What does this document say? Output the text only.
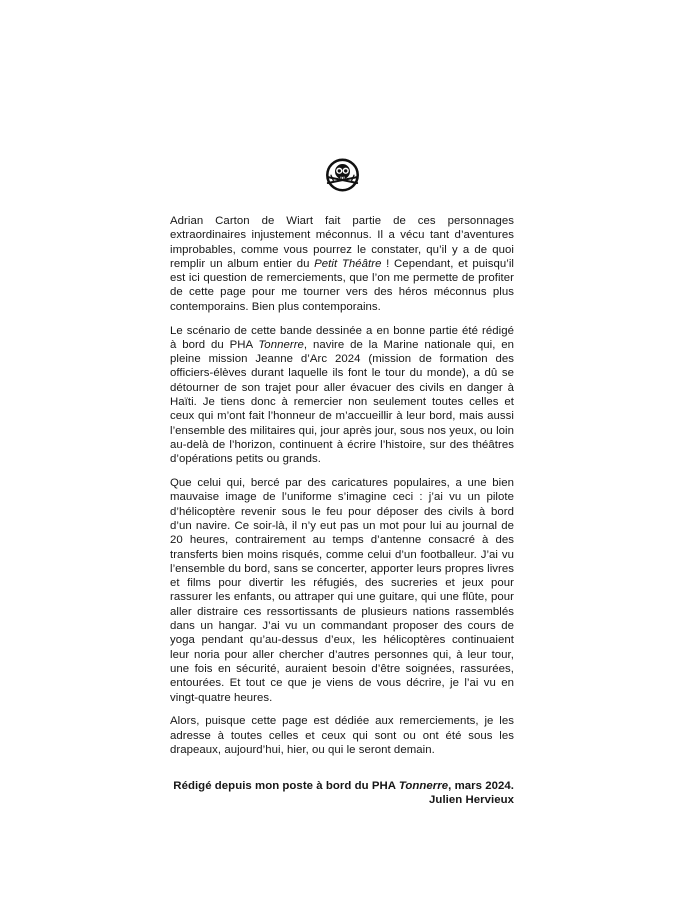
Adrian Carton de Wiart fait partie de ces personnages extraordinaires injustement méconnus. Il a vécu tant d’aventures improbables, comme vous pourrez le constater, qu’il y a de quoi remplir un album entier du Petit Théâtre ! Cependant, et puisqu’il est ici question de remerciements, que l’on me permette de profiter de cette page pour me tourner vers des héros méconnus plus contemporains. Bien plus contemporains.

Le scénario de cette bande dessinée a en bonne partie été rédigé à bord du PHA Tonnerre, navire de la Marine nationale qui, en pleine mission Jeanne d’Arc 2024 (mission de formation des officiers-élèves durant laquelle ils font le tour du monde), a dû se détourner de son trajet pour aller évacuer des civils en danger à Haïti. Je tiens donc à remercier non seulement toutes celles et ceux qui m’ont fait l’honneur de m’accueillir à leur bord, mais aussi l’ensemble des militaires qui, jour après jour, sous nos yeux, ou loin au-delà de l’horizon, continuent à écrire l’histoire, sur des théâtres d’opérations petits ou grands.

Que celui qui, bercé par des caricatures populaires, a une bien mauvaise image de l’uniforme s’imagine ceci : j’ai vu un pilote d’hélicoptère revenir sous le feu pour déposer des civils à bord d’un navire. Ce soir-là, il n’y eut pas un mot pour lui au journal de 20 heures, contrairement au temps d’antenne consacré à des transferts bien moins risqués, comme celui d’un footballeur. J’ai vu l’ensemble du bord, sans se concerter, apporter leurs propres livres et films pour divertir les réfugiés, des sucreries et jeux pour rassurer les enfants, ou attraper qui une guitare, qui une flûte, pour aller distraire ces ressortissants de plusieurs nations rassemblés dans un hangar. J’ai vu un commandant proposer des cours de yoga pendant qu’au-dessus d’eux, les hélicoptères continuaient leur noria pour aller chercher d’autres personnes qui, à leur tour, une fois en sécurité, auraient besoin d’être soignées, rassurées, entourées. Et tout ce que je viens de vous décrire, je l’ai vu en vingt-quatre heures.

Alors, puisque cette page est dédiée aux remerciements, je les adresse à toutes celles et ceux qui sont ou ont été sous les drapeaux, aujourd’hui, hier, ou qui le seront demain.

Rédigé depuis mon poste à bord du PHA Tonnerre, mars 2024.

Julien Hervieux
